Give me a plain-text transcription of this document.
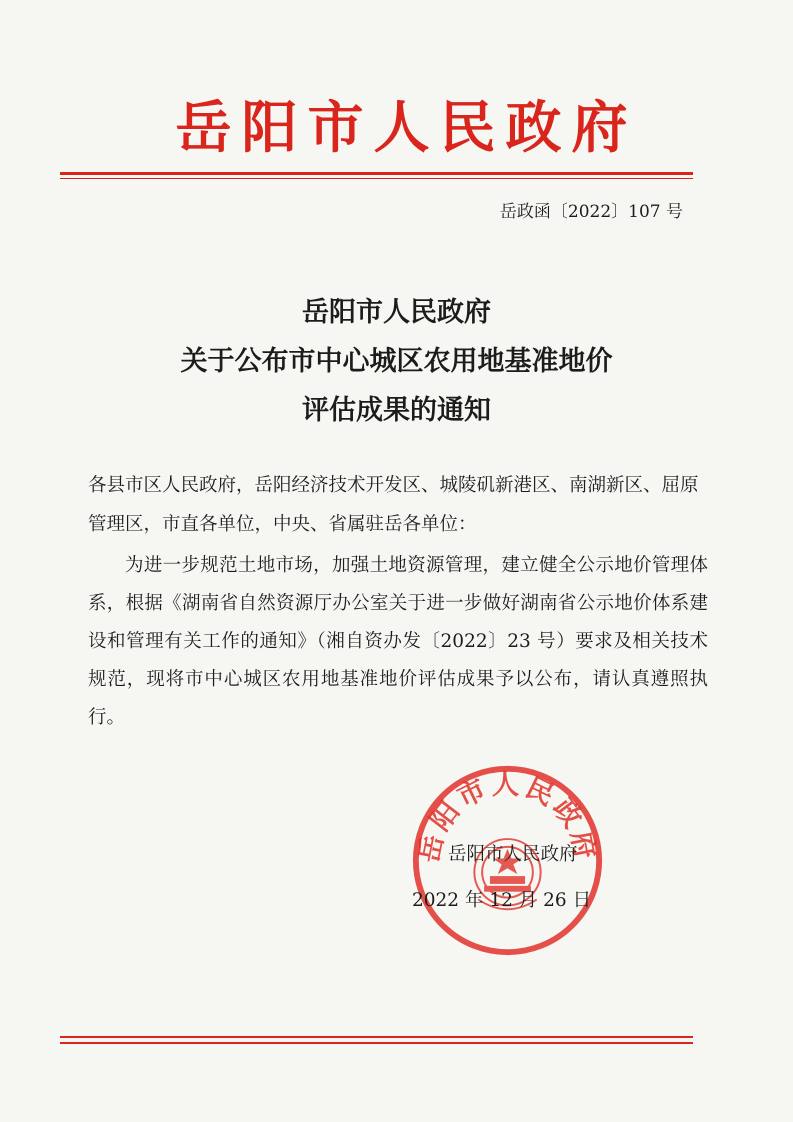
岳阳市人民政府
岳政函〔2022〕107 号
岳阳市人民政府
关于公布市中心城区农用地基准地价
评估成果的通知
各县市区人民政府，岳阳经济技术开发区、城陵矶新港区、南湖新区、屈原管理区，市直各单位，中央、省属驻岳各单位：
为进一步规范土地市场，加强土地资源管理，建立健全公示地价管理体系，根据《湖南省自然资源厅办公室关于进一步做好湖南省公示地价体系建设和管理有关工作的通知》（湘自资办发〔2022〕23 号）要求及相关技术规范，现将市中心城区农用地基准地价评估成果予以公布，请认真遵照执行。
岳阳市人民政府
岳阳市人民政府
2022 年 12 月 26 日
